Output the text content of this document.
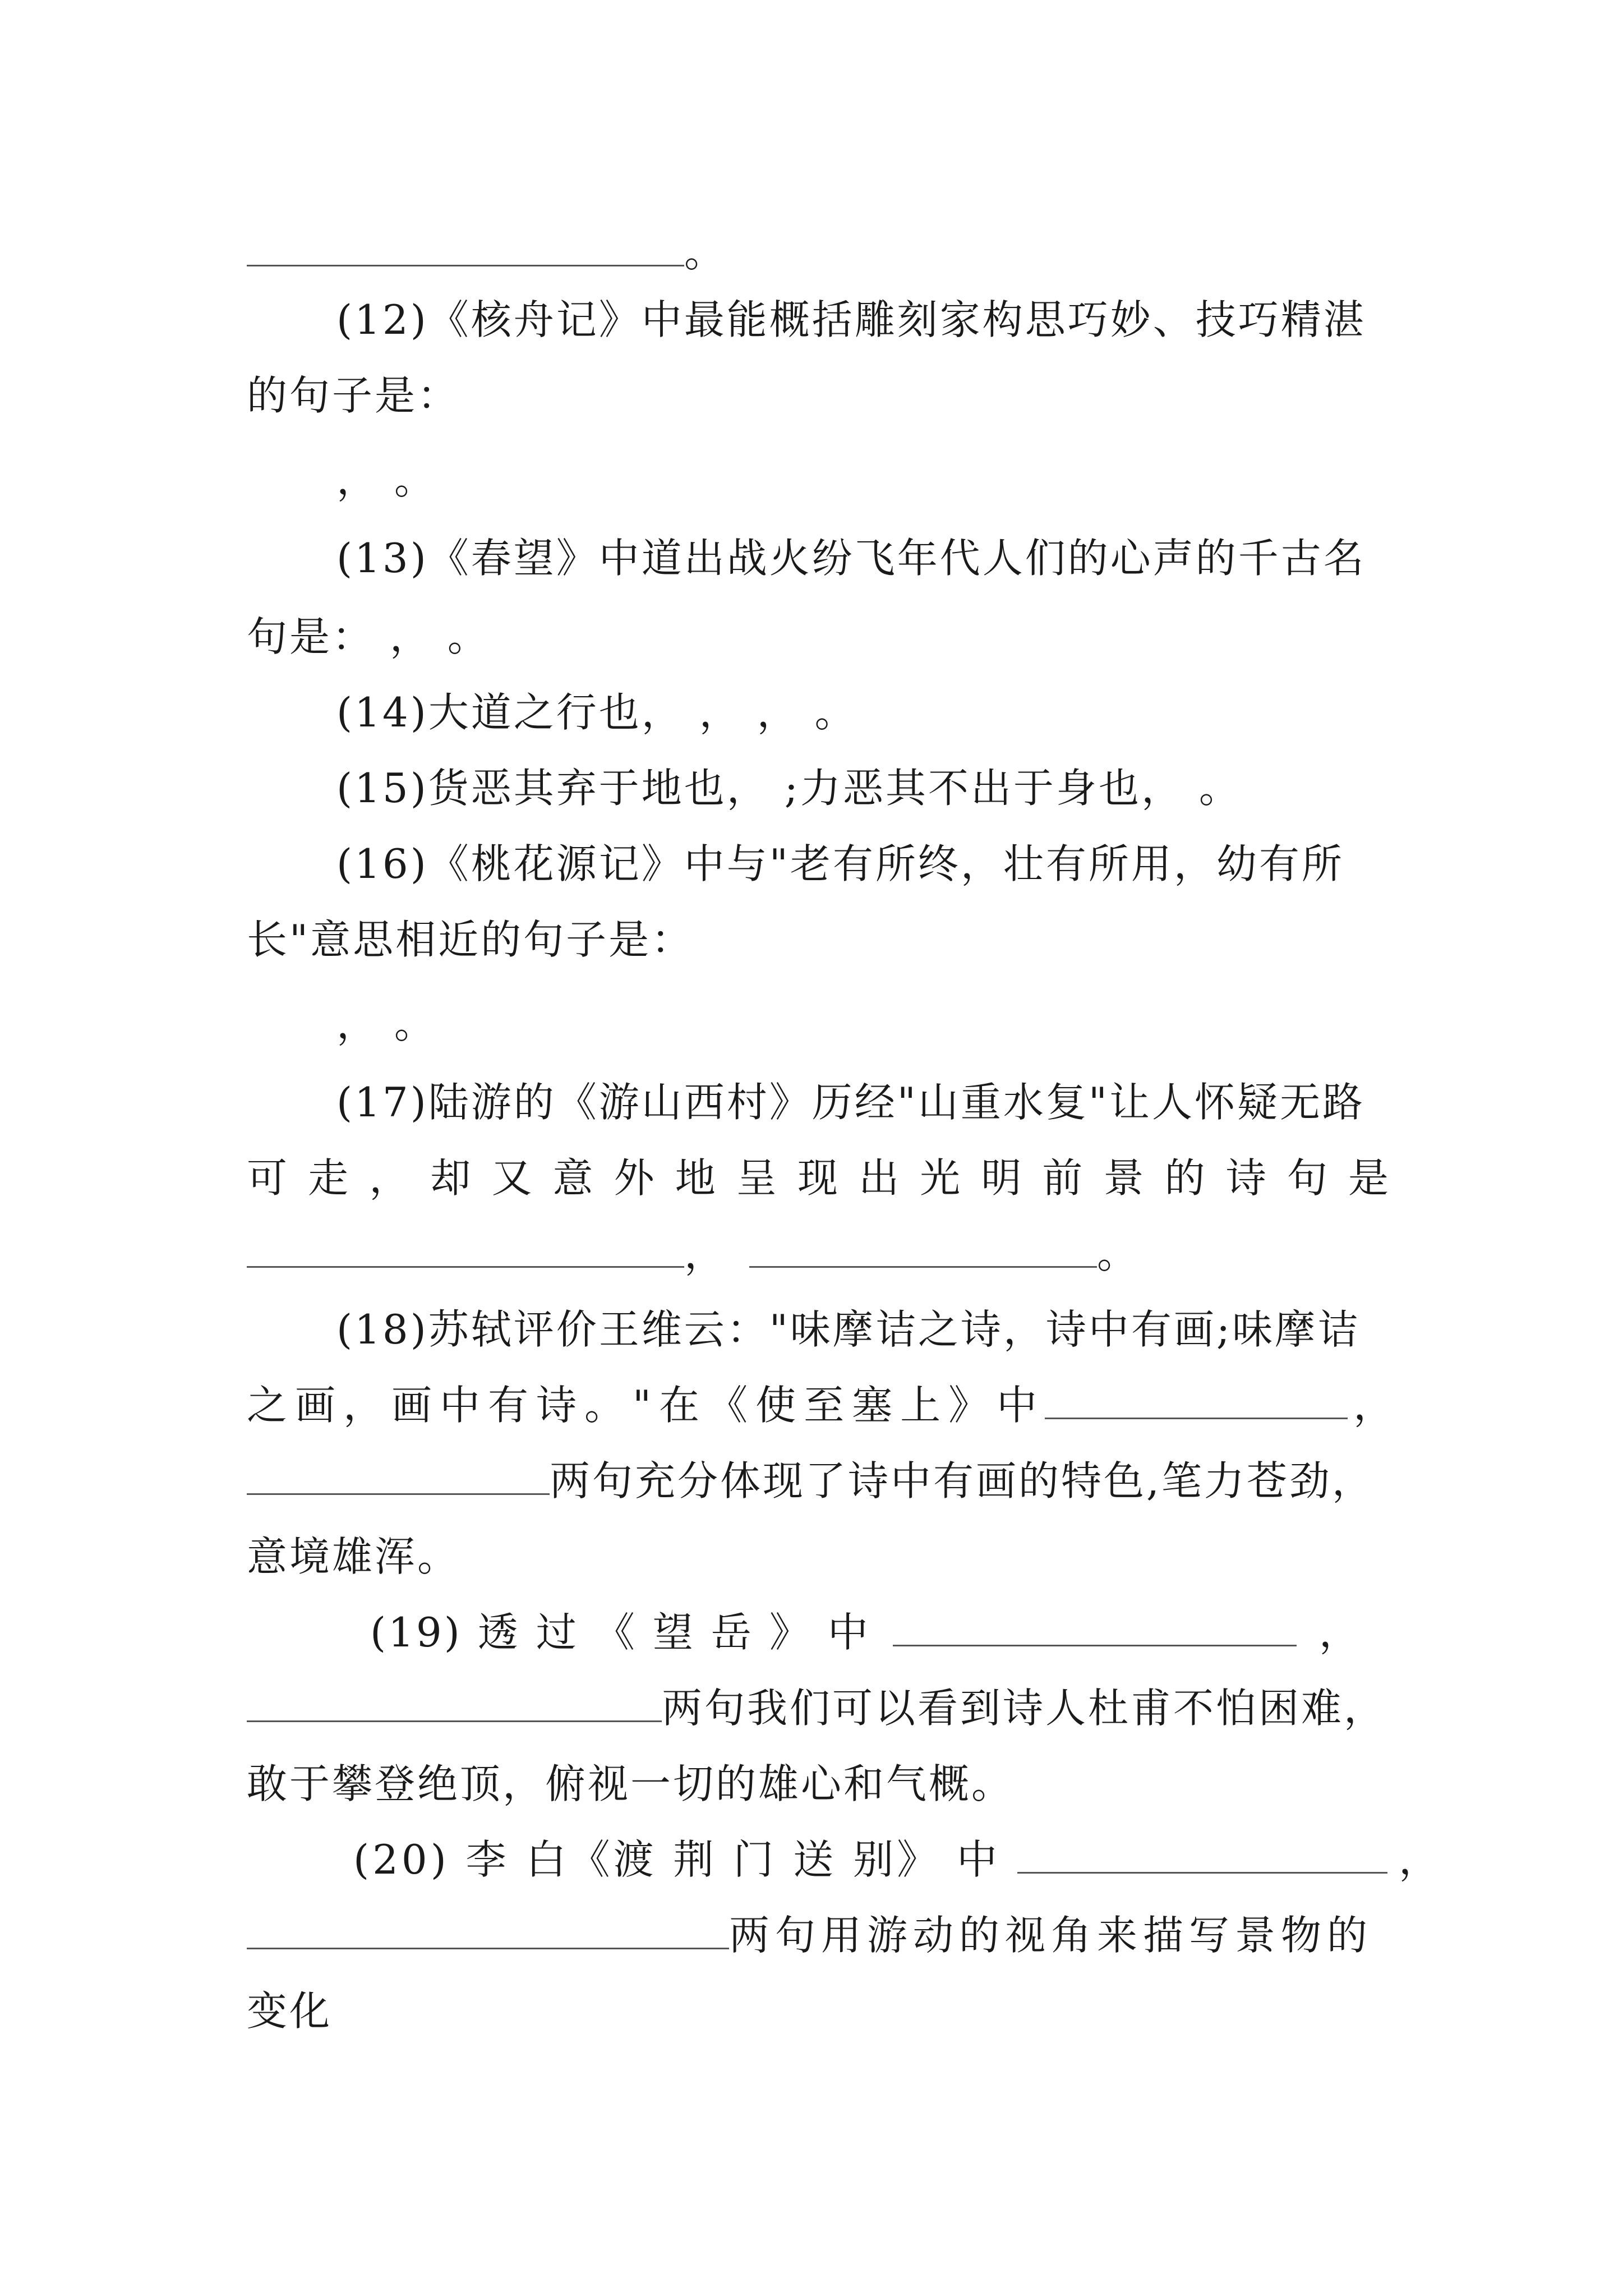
。
(12)《核舟记》中最能概括雕刻家构思巧妙、技巧精湛
的句子是：
， 。
(13)《春望》中道出战火纷飞年代人们的心声的千古名
句是： ， 。
(14)大道之行也， ， ， 。
(15)货恶其弃于地也， ;力恶其不出于身也， 。
(16)《桃花源记》中与"老有所终，壮有所用，幼有所
长"意思相近的句子是：
， 。
(17)陆游的《游山西村》历经"山重水复"让人怀疑无路
可 走 ， 却 又 意 外 地 呈 现 出 光 明 前 景 的 诗 句 是
，	。
(18)苏轼评价王维云："味摩诘之诗，诗中有画;味摩诘
之画，画中有诗。"在《使至塞上》中	，
两句充分体现了诗中有画的特色,笔力苍劲，
意境雄浑。
(19) 透 过 《 望 岳 》 中	，
两句我们可以看到诗人杜甫不怕困难，
敢于攀登绝顶，俯视一切的雄心和气概。
(20) 李 白《渡 荆 门 送 别》 中	，
两句用游动的视角来描写景物的
变化
